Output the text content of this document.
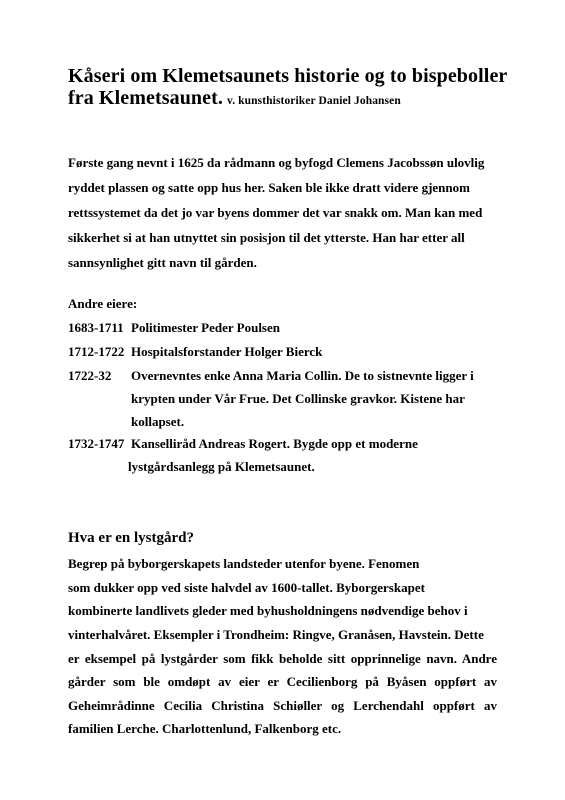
Kåseri om Klemetsaunets historie og to bispeboller
fra Klemetsaunet. v. kunsthistoriker Daniel Johansen
Første gang nevnt i 1625 da rådmann og byfogd Clemens Jacobssøn ulovlig
ryddet plassen og satte opp hus her. Saken ble ikke dratt videre gjennom
rettssystemet da det jo var byens dommer det var snakk om. Man kan med
sikkerhet si at han utnyttet sin posisjon til det ytterste. Han har etter all
sannsynlighet gitt navn til gården.
Andre eiere:
1683-1711 Politimester Peder Poulsen
1712-1722 Hospitalsforstander Holger Bierck
1722-32 Overnevntes enke Anna Maria Collin. De to sistnevnte ligger i
krypten under Vår Frue. Det Collinske gravkor. Kistene har
kollapset.
1732-1747 Kansellіråd Andreas Rogert. Bygde opp et moderne
lystgårdsanlegg på Klemetsaunet.
Hva er en lystgård?
Begrep på byborgerskapets landsteder utenfor byene. Fenomen
som dukker opp ved siste halvdel av 1600-tallet. Byborgerskapet
kombinerte landlivets gleder med byhusholdningens nødvendige behov i
vinterhalvåret. Eksempler i Trondheim: Ringve, Granåsen, Havstein. Dette
er eksempel på lystgårder som fikk beholde sitt opprinnelige navn. Andre
gårder som ble omdøpt av eier er Cecilienborg på Byåsen oppført av
Geheimrådinne Cecilia Christina Schiøller og Lerchendahl oppført av
familien Lerche. Charlottenlund, Falkenborg etc.
